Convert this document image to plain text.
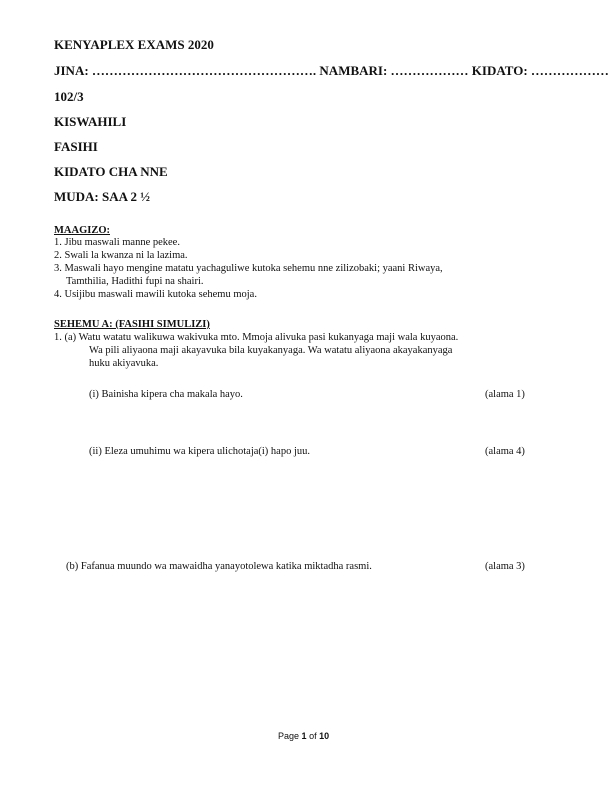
KENYAPLEX EXAMS 2020
JINA: ……………………………………………. NAMBARI: ……………… KIDATO: ………………
102/3
KISWAHILI
FASIHI
KIDATO CHA NNE
MUDA: SAA 2 ½
MAAGIZO:
1. Jibu maswali manne pekee.
2. Swali la kwanza ni la lazima.
3. Maswali hayo mengine matatu yachaguliwe kutoka sehemu nne zilizobaki; yaani Riwaya,
Tamthilia, Hadithi fupi na shairi.
4. Usijibu maswali mawili kutoka sehemu moja.
SEHEMU A: (FASIHI SIMULIZI)
1. (a) Watu watatu walikuwa wakivuka mto. Mmoja alivuka pasi kukanyaga maji wala kuyaona.
Wa pili aliyaona maji akayavuka bila kuyakanyaga. Wa watatu aliyaona akayakanyaga
huku akiyavuka.
(i) Bainisha kipera cha makala hayo.	(alama 1)
(ii) Eleza umuhimu wa kipera ulichotaja(i) hapo juu.	(alama 4)
(b) Fafanua muundo wa mawaidha yanayotolewa katika miktadha rasmi.	(alama 3)
Page 1 of 10
